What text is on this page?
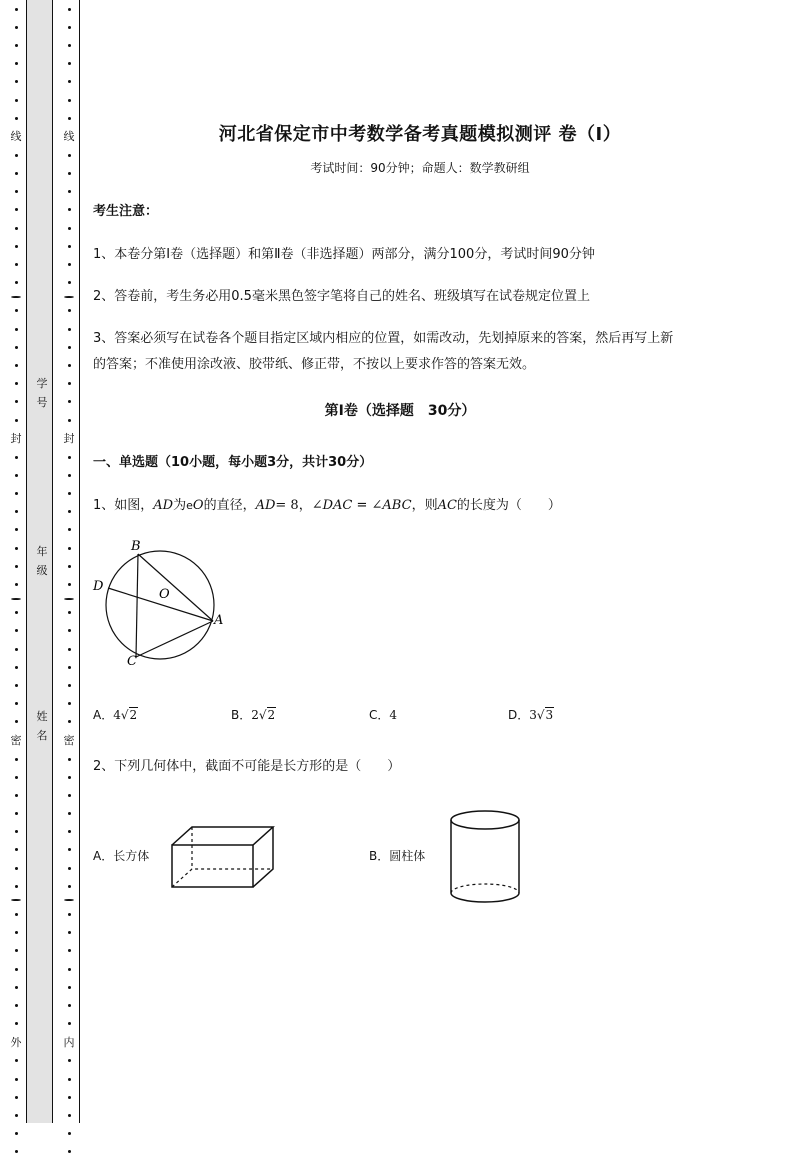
线
封
密
外
线
封
密
内
学号
年级
姓名
河北省保定市中考数学备考真题模拟测评 卷（Ⅰ）
考试时间：90分钟；命题人：数学教研组
考生注意：
1、本卷分第Ⅰ卷（选择题）和第Ⅱ卷（非选择题）两部分，满分100分，考试时间90分钟
2、答卷前，考生务必用0.5毫米黑色签字笔将自己的姓名、班级填写在试卷规定位置上
3、答案必须写在试卷各个题目指定区域内相应的位置，如需改动，先划掉原来的答案，然后再写上新
的答案；不准使用涂改液、胶带纸、修正带，不按以上要求作答的答案无效。
第Ⅰ卷（选择题　30分）
一、单选题（10小题，每小题3分，共计30分）
1、如图，AD为eO的直径，AD= 8，∠DAC = ∠ABC，则AC的长度为（　　）
B
D
O
A
C
A．4√2	B．2√2	C．4	D．3√3
2、下列几何体中，截面不可能是长方形的是（　　）
A．长方体	B．圆柱体
